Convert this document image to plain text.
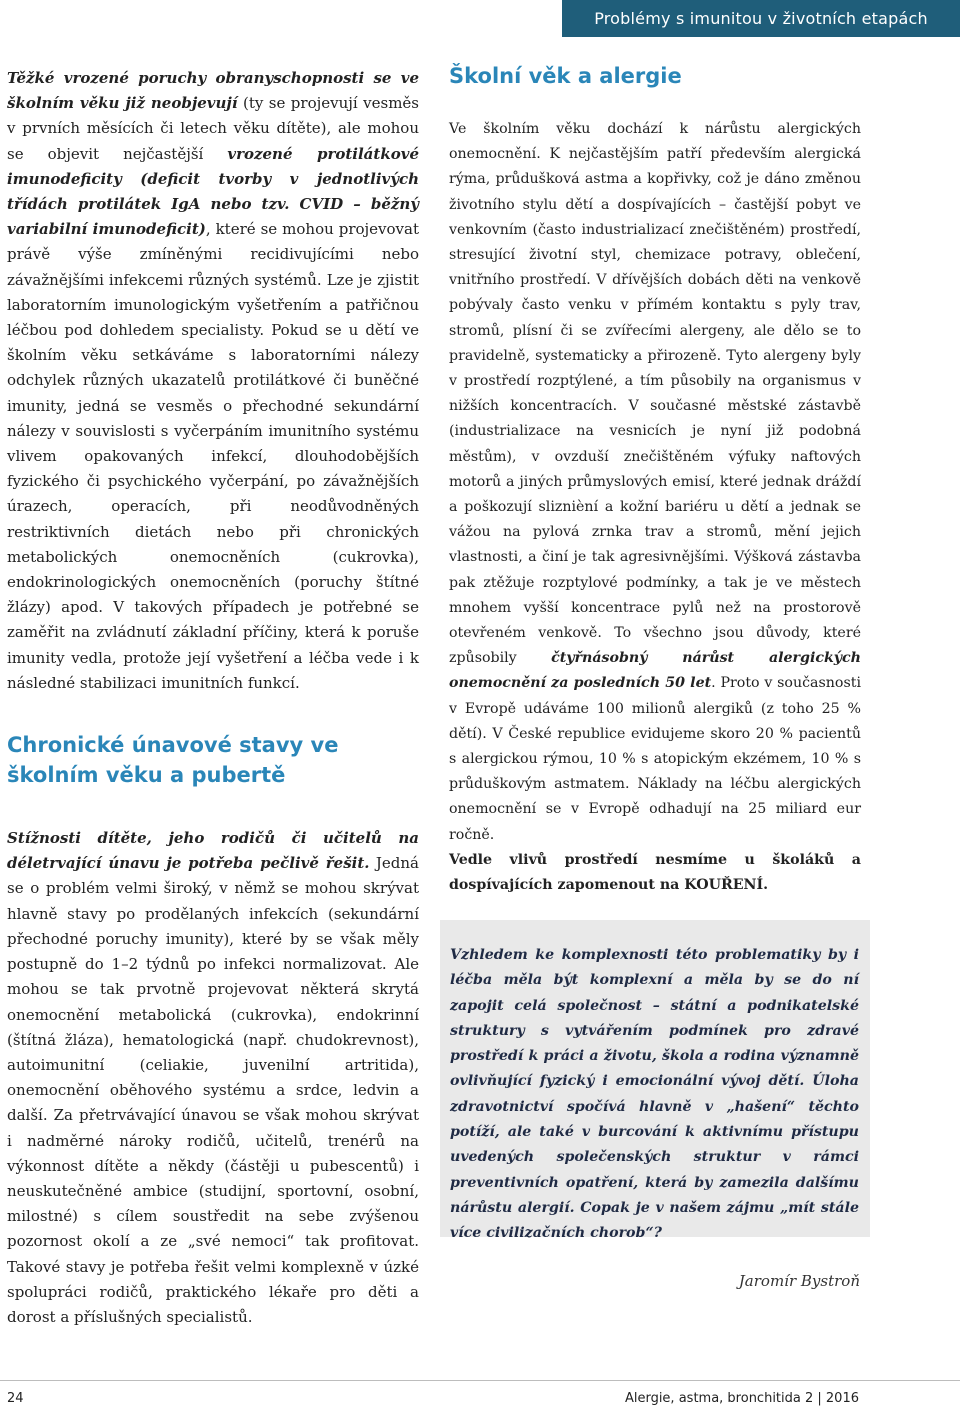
Problémy s imunitou v životních etapách

Těžké vrozené poruchy obranyschopnosti se ve školním věku již neobjevují (ty se projevují vesměs v prvních měsících či letech věku dítěte), ale mohou se objevit nejčastější vrozené protilátkové imunodeficity (deficit tvorby v jednotlivých třídách protilátek IgA nebo tzv. CVID – běžný variabilní imunodeficit), které se mohou projevovat právě výše zmíněnými recidivujícími nebo závažnějšími infekcemi různých systémů. Lze je zjistit laboratorním imunologickým vyšetřením a patřičnou léčbou pod dohledem specialisty. Pokud se u dětí ve školním věku setkáváme s laboratorními nálezy odchylek různých ukazatelů protilátkové či buněčné imunity, jedná se vesměs o přechodné sekundární nálezy v souvislosti s vyčerpáním imunitního systému vlivem opakovaných infekcí, dlouhodobějších fyzického či psychického vyčerpání, po závažnějších úrazech, operacích, při neodůvodněných restriktivních dietách nebo při chronických metabolických onemocněních (cukrovka), endokrinologických onemocněních (poruchy štítné žlázy) apod. V takových případech je potřebné se zaměřit na zvládnutí základní příčiny, která k poruše imunity vedla, protože její vyšetření a léčba vede i k následné stabilizaci imunitních funkcí.

Chronické únavové stavy ve školním věku a pubertě

Stížnosti dítěte, jeho rodičů či učitelů na déletrvající únavu je potřeba pečlivě řešit. Jedná se o problém velmi široký, v němž se mohou skrývat hlavně stavy po prodělaných infekcích (sekundární přechodné poruchy imunity), které by se však měly postupně do 1–2 týdnů po infekci normalizovat. Ale mohou se tak prvotně projevovat některá skrytá onemocnění metabolická (cukrovka), endokrinní (štítná žláza), hematologická (např. chudokrevnost), autoimunitní (celiakie, juvenilní artritida), onemocnění oběhového systému a srdce, ledvin a další. Za přetrvávající únavou se však mohou skrývat i nadměrné nároky rodičů, učitelů, trenérů na výkonnost dítěte a někdy (částěji u pubescentů) i neuskutečněné ambice (studijní, sportovní, osobní, milostné) s cílem soustředit na sebe zvýšenou pozornost okolí a ze „své nemoci“ tak profitovat. Takové stavy je potřeba řešit velmi komplexně v úzké spolupráci rodičů, praktického lékaře pro děti a dorost a příslušných specialistů.

Školní věk a alergie

Ve školním věku dochází k nárůstu alergických onemocnění. K nejčastějším patří především alergická rýma, průdušková astma a kopřivky, což je dáno změnou životního stylu dětí a dospívajících – častější pobyt ve venkovním (často industrializací znečištěném) prostředí, stresující životní styl, chemizace potravy, oblečení, vnitřního prostředí. V dřívějších dobách děti na venkově pobývaly často venku v přímém kontaktu s pyly trav, stromů, plísní či se zvířecími alergeny, ale dělo se to pravidelně, systematicky a přirozeně. Tyto alergeny byly v prostředí rozptýlené, a tím působily na organismus v nižších koncentracích. V současné městské zástavbě (industrializace na vesnicích je nyní již podobná městům), v ovzduší znečištěném výfuky naftových motorů a jiných průmyslových emisí, které jednak dráždí a poškozují sliznièní a kožní bariéru u dětí a jednak se vážou na pylová zrnka trav a stromů, mění jejich vlastnosti, a činí je tak agresivnějšími. Výšková zástavba pak ztěžuje rozptylové podmínky, a tak je ve městech mnohem vyšší koncentrace pylů než na prostorově otevřeném venkově. To všechno jsou důvody, které způsobily čtyřnásobný nárůst alergických onemocnění za posledních 50 let. Proto v současnosti v Evropě udáváme 100 milionů alergiků (z toho 25 % dětí). V České republice evidujeme skoro 20 % pacientů s alergickou rýmou, 10 % s atopickým ekzémem, 10 % s průduškovým astmatem. Náklady na léčbu alergických onemocnění se v Evropě odhadují na 25 miliard eur ročně.

Vedle vlivů prostředí nesmíme u školáků a dospívajících zapomenout na KOUŘENÍ.

Vzhledem ke komplexnosti této problematiky by i léčba měla být komplexní a měla by se do ní zapojit celá společnost – státní a podnikatelské struktury s vytvářením podmínek pro zdravé prostředí k práci a životu, škola a rodina významně ovlivňující fyzický i emocionální vývoj dětí. Úloha zdravotnictví spočívá hlavně v „hašení“ těchto potíží, ale také v burcování k aktivnímu přístupu uvedených společenských struktur v rámci preventivních opatření, která by zamezila dalšímu nárůstu alergií. Copak je v našem zájmu „mít stále více civilizačních chorob“?

Jaromír Bystroň
24	Alergie, astma, bronchitida 2 | 2016
